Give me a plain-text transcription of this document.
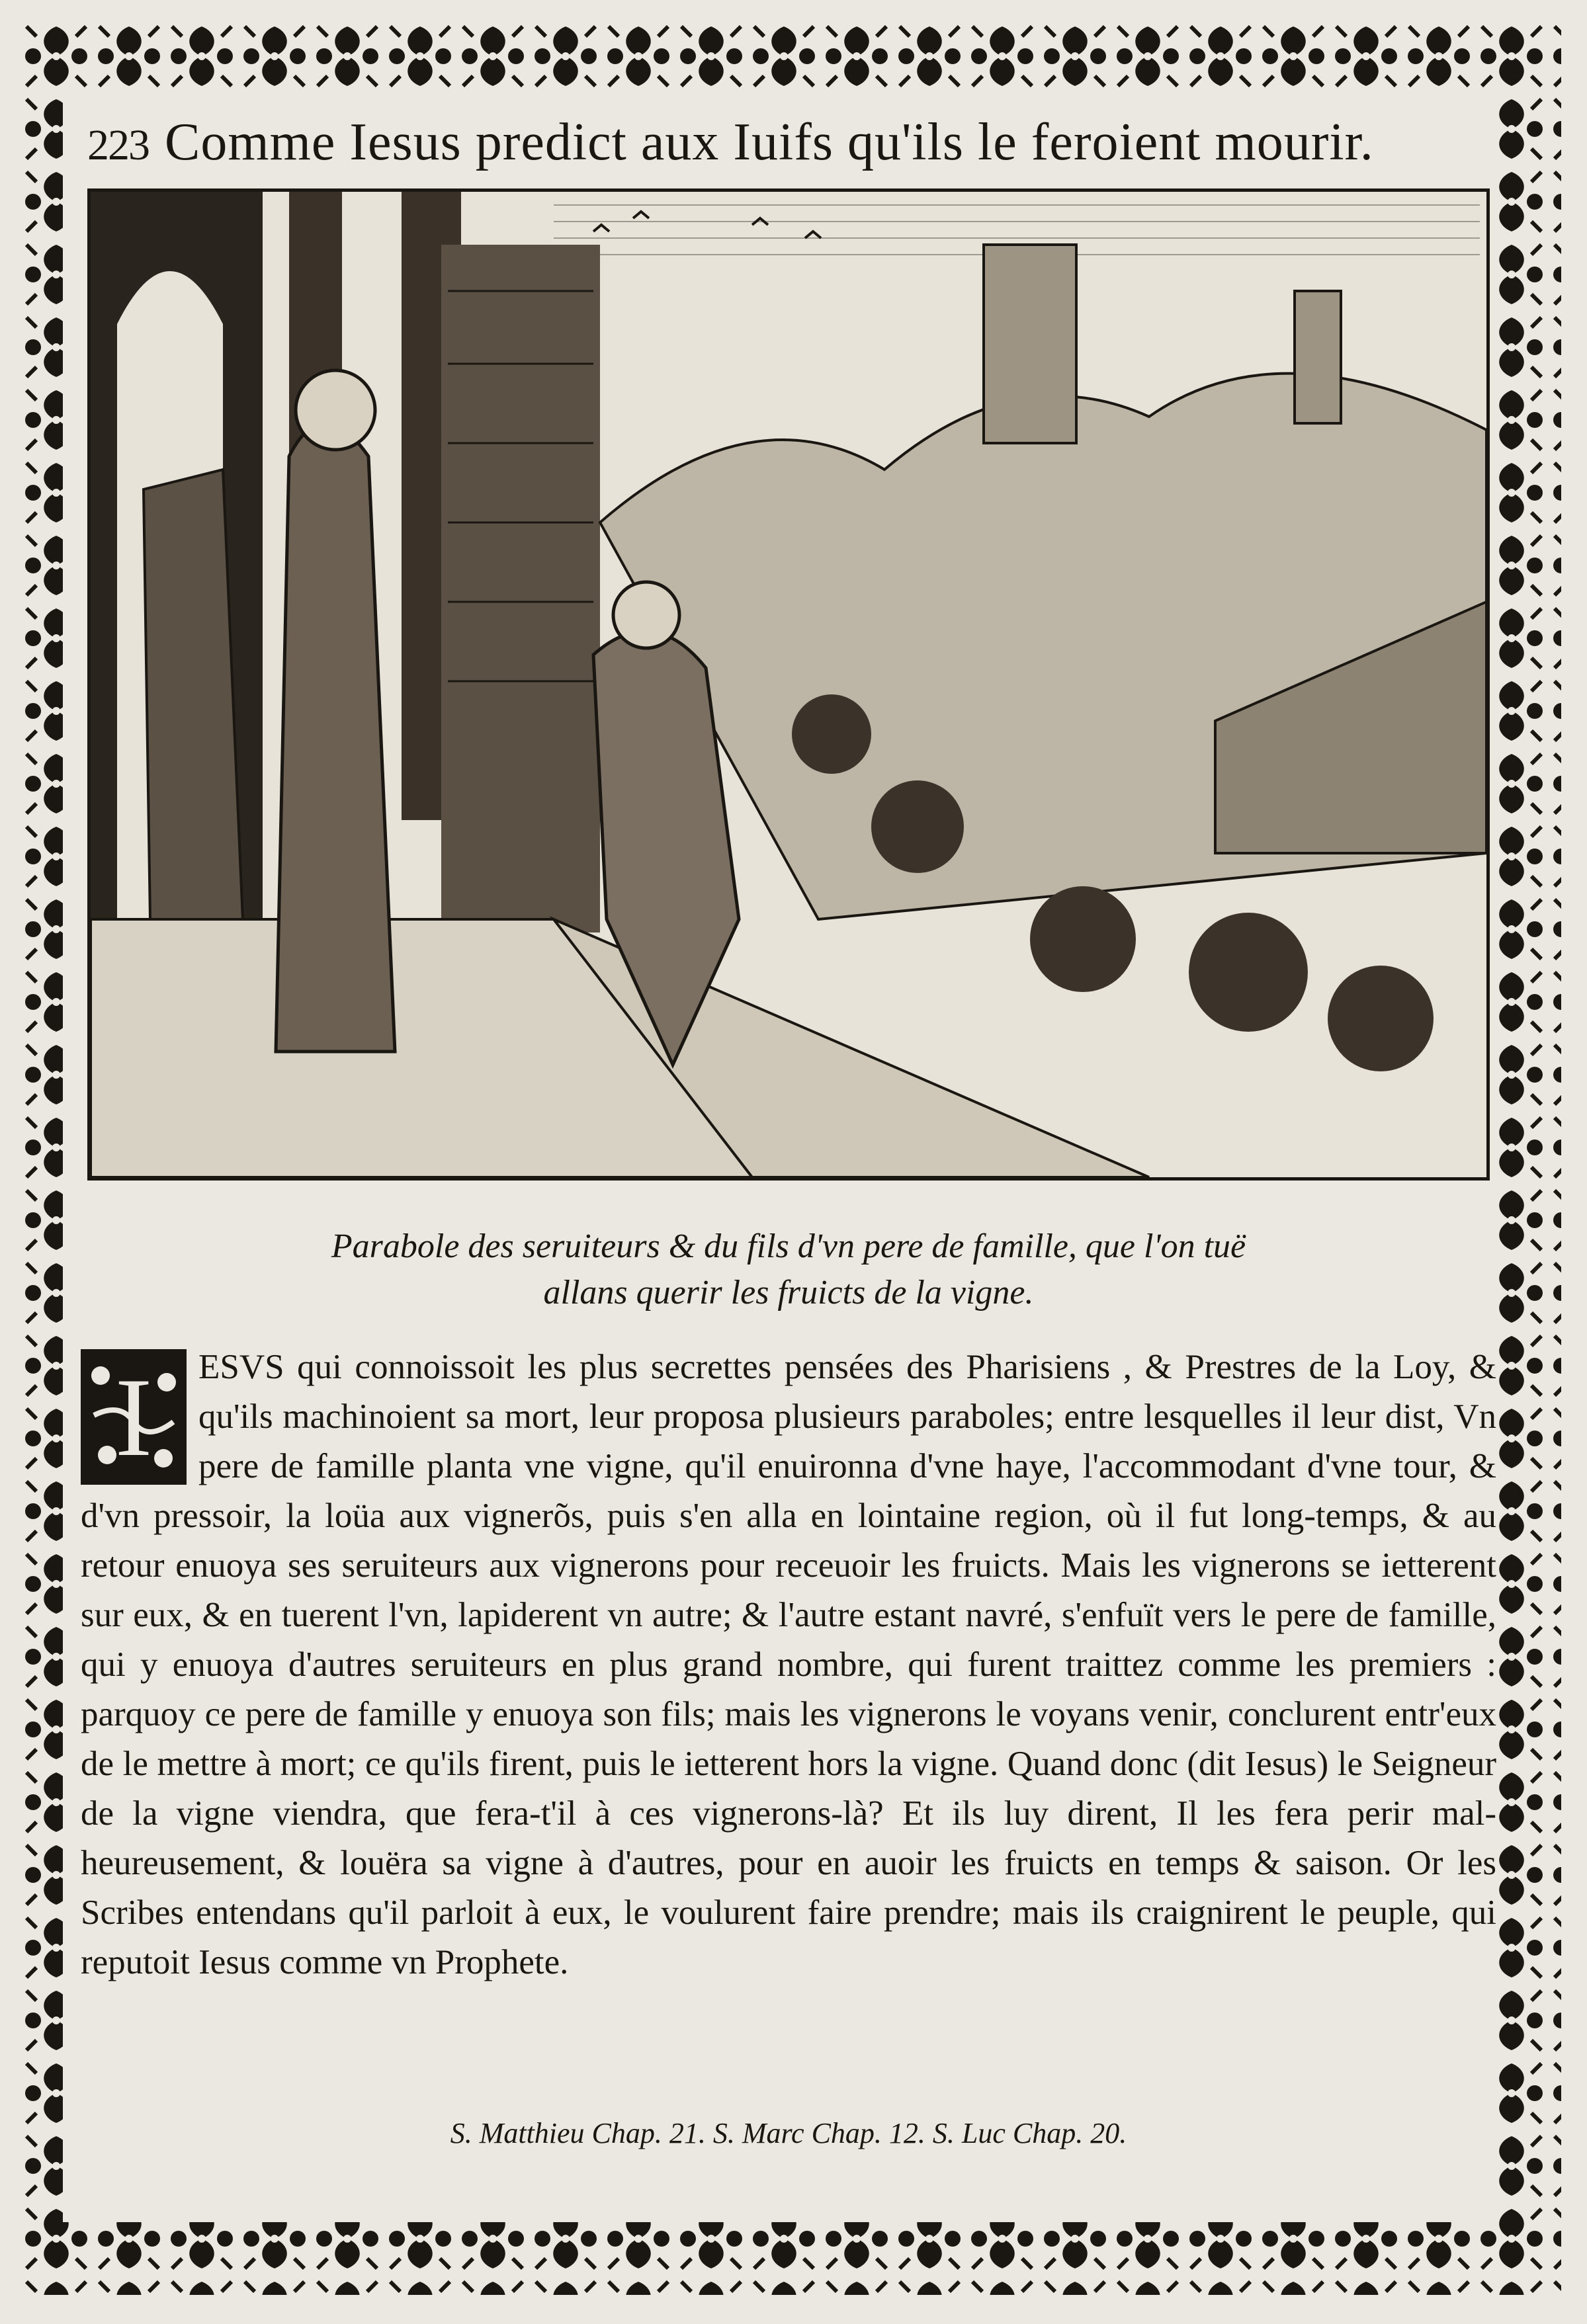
223 Comme Iesus predict aux Iuifs qu'ils le feroient mourir.
Parabole des seruiteurs & du fils d'vn pere de famille, que l'on tuë
allans querir les fruicts de la vigne.
I	ESVS qui connoissoit les plus secrettes pensées des Pharisiens , & Prestres de la Loy, & qu'ils machinoient sa mort, leur proposa plusieurs paraboles; entre lesquelles il leur dist, Vn pere de famille planta vne vigne, qu'il enuironna d'vne haye, l'accommodant d'vne tour, & d'vn pressoir, la loüa aux vignerõs, puis s'en alla en lointaine region, où il fut long-temps, & au retour enuoya ses seruiteurs aux vignerons pour receuoir les fruicts. Mais les vignerons se ietterent sur eux, & en tuerent l'vn, lapiderent vn autre; & l'autre estant navré, s'enfuït vers le pere de famille, qui y enuoya d'autres seruiteurs en plus grand nombre, qui furent traittez comme les premiers : parquoy ce pere de famille y enuoya son fils; mais les vignerons le voyans venir, conclurent entr'eux de le mettre à mort; ce qu'ils firent, puis le ietterent hors la vigne. Quand donc (dit Iesus) le Seigneur de la vigne viendra, que fera-t'il à ces vignerons-là? Et ils luy dirent, Il les fera perir mal-heureusement, & louëra sa vigne à d'autres, pour en auoir les fruicts en temps & saison. Or les Scribes entendans qu'il parloit à eux, le voulurent faire prendre; mais ils craignirent le peuple, qui reputoit Iesus comme vn Prophete.

S. Matthieu Chap. 21. S. Marc Chap. 12. S. Luc Chap. 20.
